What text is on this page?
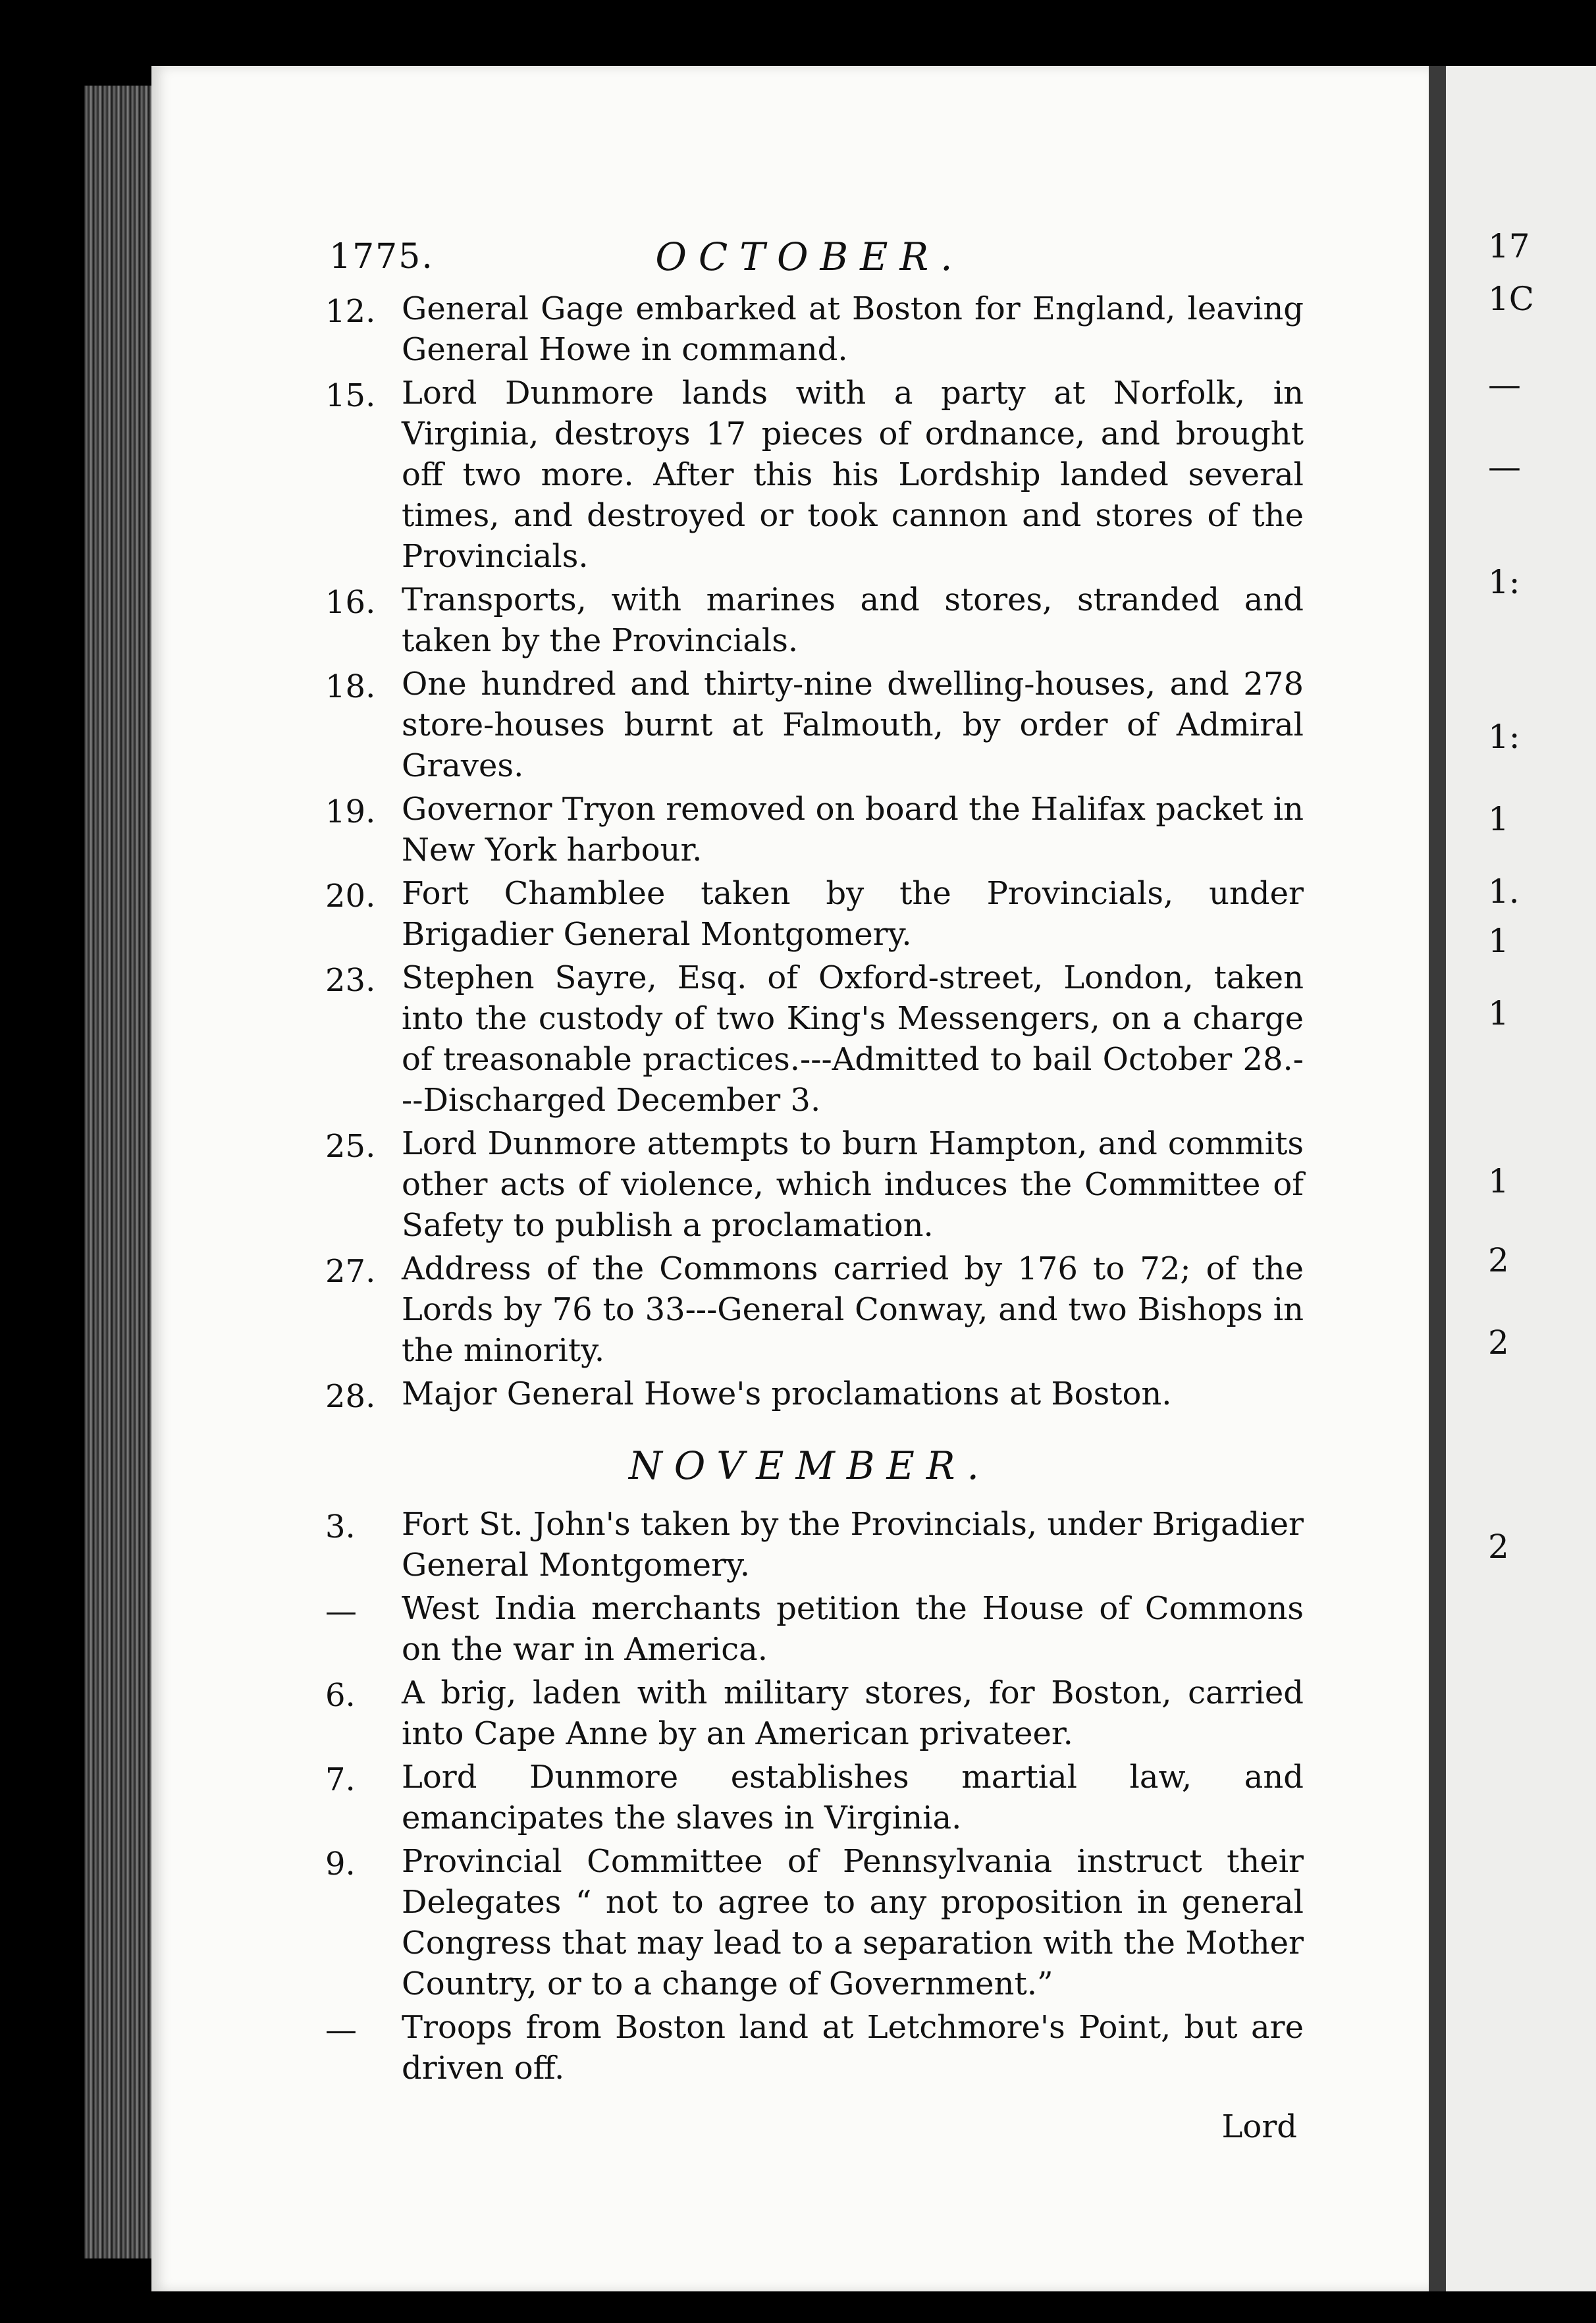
17
1C
—
—
1:
1:
1
1.
1
1
1
2
2
2
1775.	OCTOBER.
12. General Gage embarked at Boston for England, leaving General Howe in command.
15. Lord Dunmore lands with a party at Norfolk, in Virginia, destroys 17 pieces of ordnance, and brought off two more. After this his Lordship landed several times, and destroyed or took cannon and stores of the Provincials.
16. Transports, with marines and stores, stranded and taken by the Provincials.
18. One hundred and thirty-nine dwelling-houses, and 278 store-houses burnt at Falmouth, by order of Admiral Graves.
19. Governor Tryon removed on board the Halifax packet in New York harbour.
20. Fort Chamblee taken by the Provincials, under Brigadier General Montgomery.
23. Stephen Sayre, Esq. of Oxford-street, London, taken into the custody of two King's Messengers, on a charge of treasonable practices.---Admitted to bail October 28.---Discharged December 3.
25. Lord Dunmore attempts to burn Hampton, and commits other acts of violence, which induces the Committee of Safety to publish a proclamation.
27. Address of the Commons carried by 176 to 72; of the Lords by 76 to 33---General Conway, and two Bishops in the minority.
28. Major General Howe's proclamations at Boston.
NOVEMBER.
3. Fort St. John's taken by the Provincials, under Brigadier General Montgomery.
— West India merchants petition the House of Commons on the war in America.
6. A brig, laden with military stores, for Boston, carried into Cape Anne by an American privateer.
7. Lord Dunmore establishes martial law, and emancipates the slaves in Virginia.
9. Provincial Committee of Pennsylvania instruct their Delegates “ not to agree to any proposition in general Congress that may lead to a separation with the Mother Country, or to a change of Government.”
— Troops from Boston land at Letchmore's Point, but are driven off.
Lord
